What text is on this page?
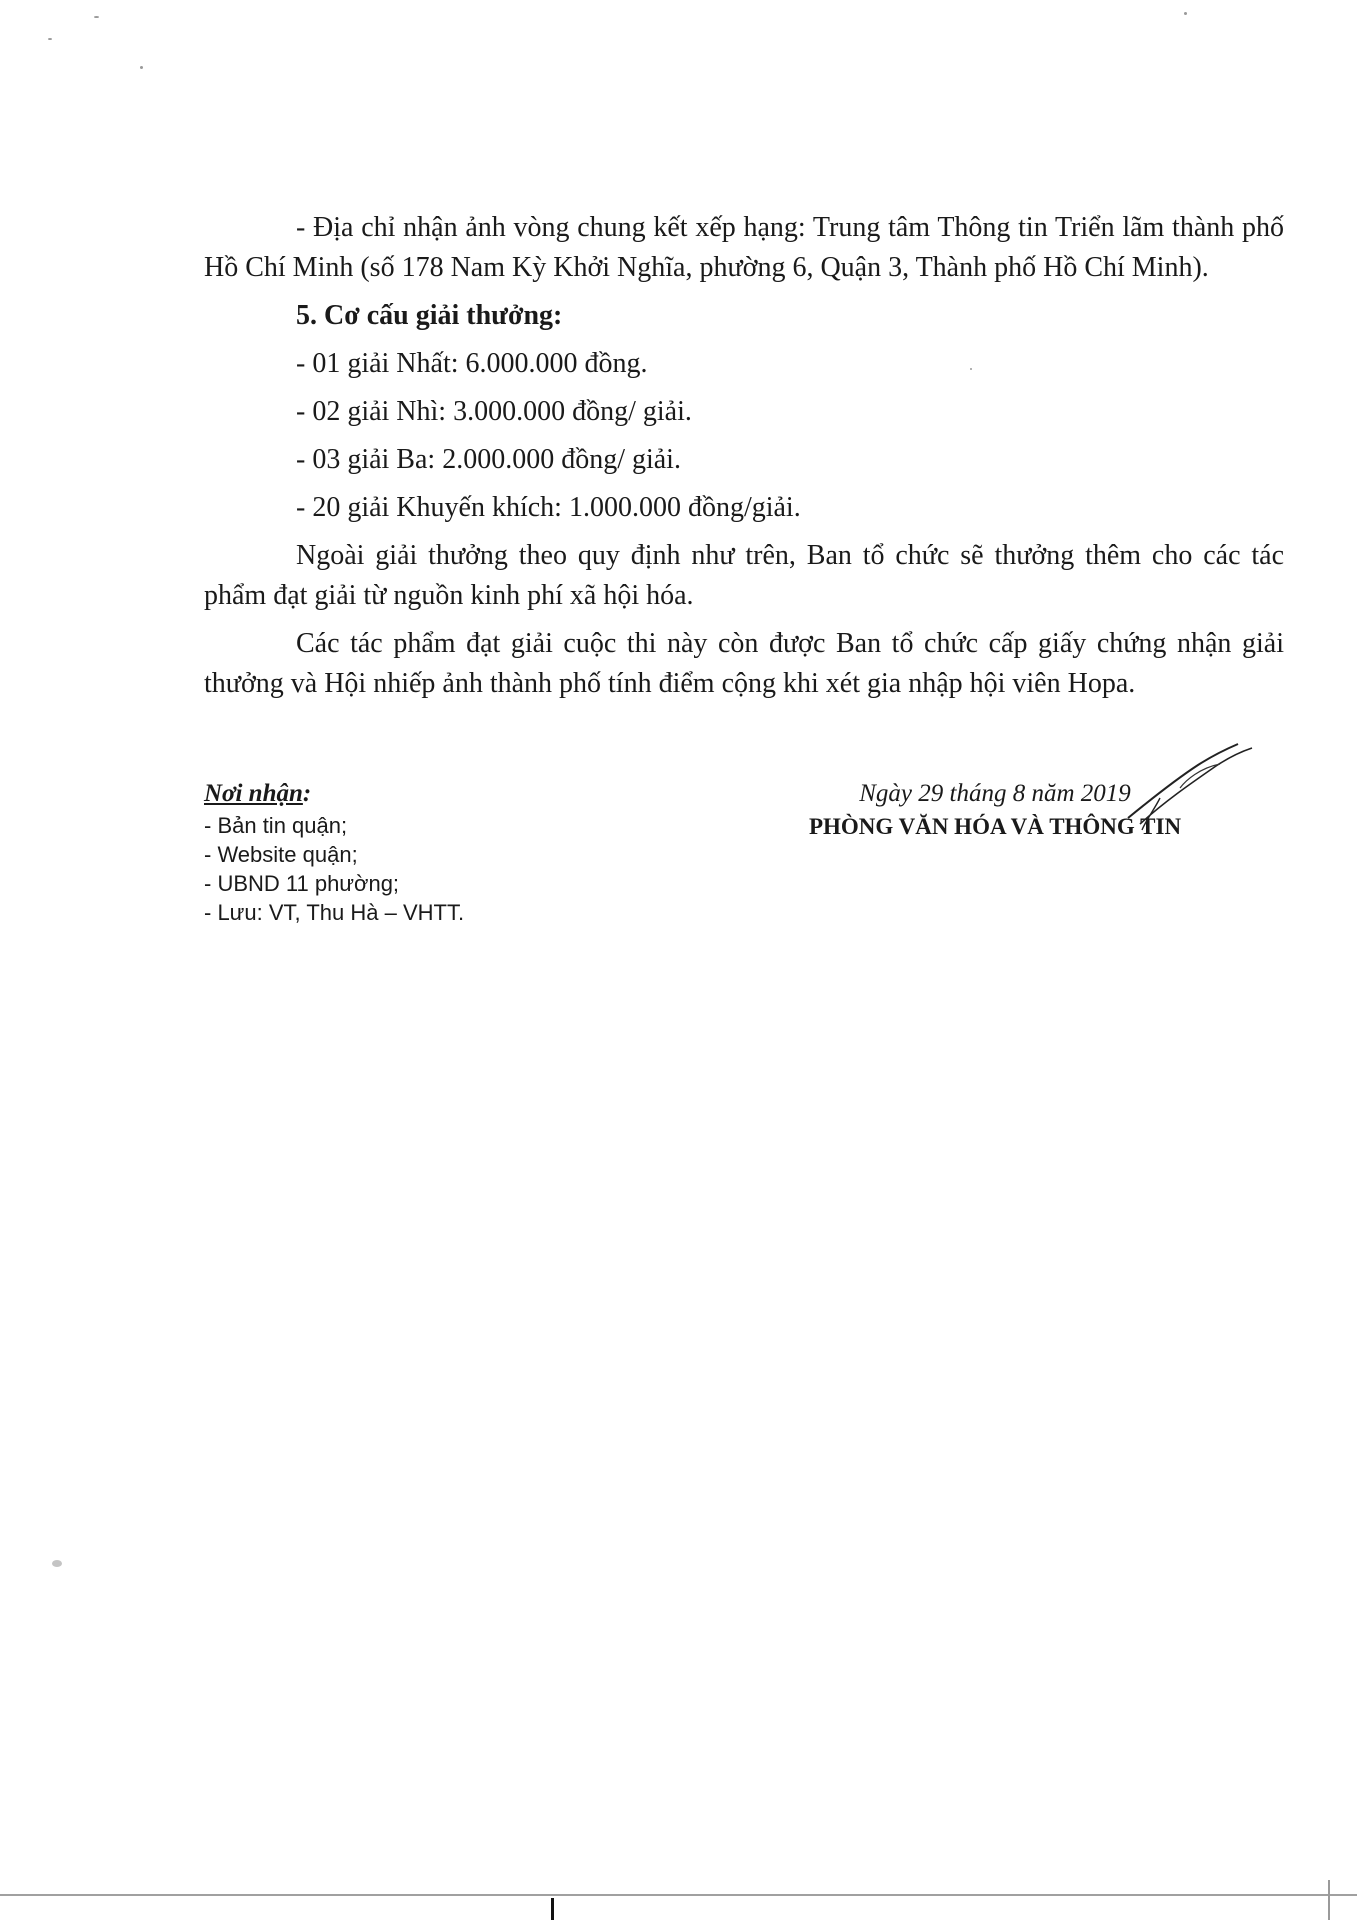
- Địa chỉ nhận ảnh vòng chung kết xếp hạng: Trung tâm Thông tin Triển lãm thành phố Hồ Chí Minh (số 178 Nam Kỳ Khởi Nghĩa, phường 6, Quận 3, Thành phố Hồ Chí Minh).

5. Cơ cấu giải thưởng:
- 01 giải Nhất: 6.000.000 đồng.
- 02 giải Nhì: 3.000.000 đồng/ giải.
- 03 giải Ba: 2.000.000 đồng/ giải.
- 20 giải Khuyến khích: 1.000.000 đồng/giải.

Ngoài giải thưởng theo quy định như trên, Ban tổ chức sẽ thưởng thêm cho các tác phẩm đạt giải từ nguồn kinh phí xã hội hóa.

Các tác phẩm đạt giải cuộc thi này còn được Ban tổ chức cấp giấy chứng nhận giải thưởng và Hội nhiếp ảnh thành phố tính điểm cộng khi xét gia nhập hội viên Hopa.

Nơi nhận:
- Bản tin quận;
- Website quận;
- UBND 11 phường;
- Lưu: VT, Thu Hà – VHTT.
Ngày 29 tháng 8 năm 2019
PHÒNG VĂN HÓA VÀ THÔNG TIN
